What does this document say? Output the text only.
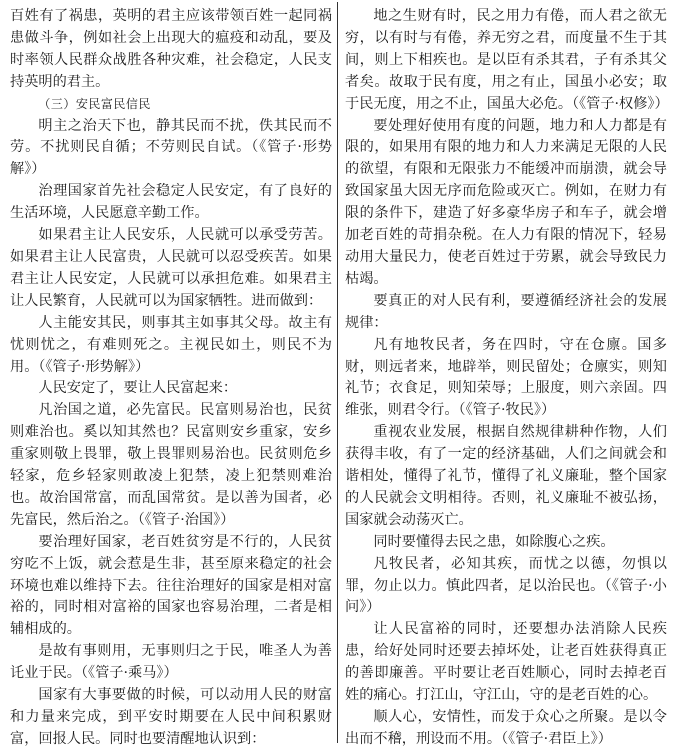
百姓有了祸患，英明的君主应该带领百姓一起同祸患做斗争，例如社会上出现大的瘟疫和动乱，要及时率领人民群众战胜各种灾难，社会稳定，人民支持英明的君主。

（三）安民富民信民

明主之治天下也，静其民而不扰，佚其民而不劳。不扰则民自循；不劳则民自试。（《管子·形势解》）

治理国家首先社会稳定人民安定，有了良好的生活环境，人民愿意辛勤工作。

如果君主让人民安乐，人民就可以承受劳苦。如果君主让人民富贵，人民就可以忍受疾苦。如果君主让人民安定，人民就可以承担危难。如果君主让人民繁育，人民就可以为国家牺牲。进而做到：

人主能安其民，则事其主如事其父母。故主有忧则忧之，有难则死之。主视民如土，则民不为用。（《管子·形势解》）

人民安定了，要让人民富起来：

凡治国之道，必先富民。民富则易治也，民贫则难治也。奚以知其然也？民富则安乡重家，安乡重家则敬上畏罪，敬上畏罪则易治也。民贫则危乡轻家，危乡轻家则敢凌上犯禁，凌上犯禁则难治也。故治国常富，而乱国常贫。是以善为国者，必先富民，然后治之。（《管子·治国》）

要治理好国家，老百姓贫穷是不行的，人民贫穷吃不上饭，就会惹是生非，甚至原来稳定的社会环境也难以维持下去。往往治理好的国家是相对富裕的，同时相对富裕的国家也容易治理，二者是相辅相成的。

是故有事则用，无事则归之于民，唯圣人为善讬业于民。（《管子·乘马》）

国家有大事要做的时候，可以动用人民的财富和力量来完成，到平安时期要在人民中间积累财富，回报人民。同时也要清醒地认识到：

地之生财有时，民之用力有倦，而人君之欲无穷，以有时与有倦，养无穷之君，而度量不生于其间，则上下相疾也。是以臣有杀其君，子有杀其父者矣。故取于民有度，用之有止，国虽小必安；取于民无度，用之不止，国虽大必危。（《管子·权修》）

要处理好使用有度的问题，地力和人力都是有限的，如果用有限的地力和人力来满足无限的人民的欲望，有限和无限张力不能缓冲而崩溃，就会导致国家虽大因无序而危险或灭亡。例如，在财力有限的条件下，建造了好多豪华房子和车子，就会增加老百姓的苛捐杂税。在人力有限的情况下，轻易动用大量民力，使老百姓过于劳累，就会导致民力枯竭。

要真正的对人民有利，要遵循经济社会的发展规律：

凡有地牧民者，务在四时，守在仓廪。国多财，则远者来，地辟举，则民留处；仓廪实，则知礼节；衣食足，则知荣辱；上服度，则六亲固。四维张，则君令行。（《管子·牧民》）

重视农业发展，根据自然规律耕种作物，人们获得丰收，有了一定的经济基础，人们之间就会和谐相处，懂得了礼节，懂得了礼义廉耻，整个国家的人民就会文明相待。否则，礼义廉耻不被弘扬，国家就会动荡灭亡。

同时要懂得去民之患，如除腹心之疾。

凡牧民者，必知其疾，而忧之以德，勿惧以罪，勿止以力。慎此四者，足以治民也。（《管子·小问》）

让人民富裕的同时，还要想办法消除人民疾患，给好处同时还要去掉坏处，让老百姓获得真正的善即廉善。平时要让老百姓顺心，同时去掉老百姓的痛心。打江山，守江山，守的是老百姓的心。

顺人心，安情性，而发于众心之所聚。是以令出而不稽，刑设而不用。（《管子·君臣上》）
